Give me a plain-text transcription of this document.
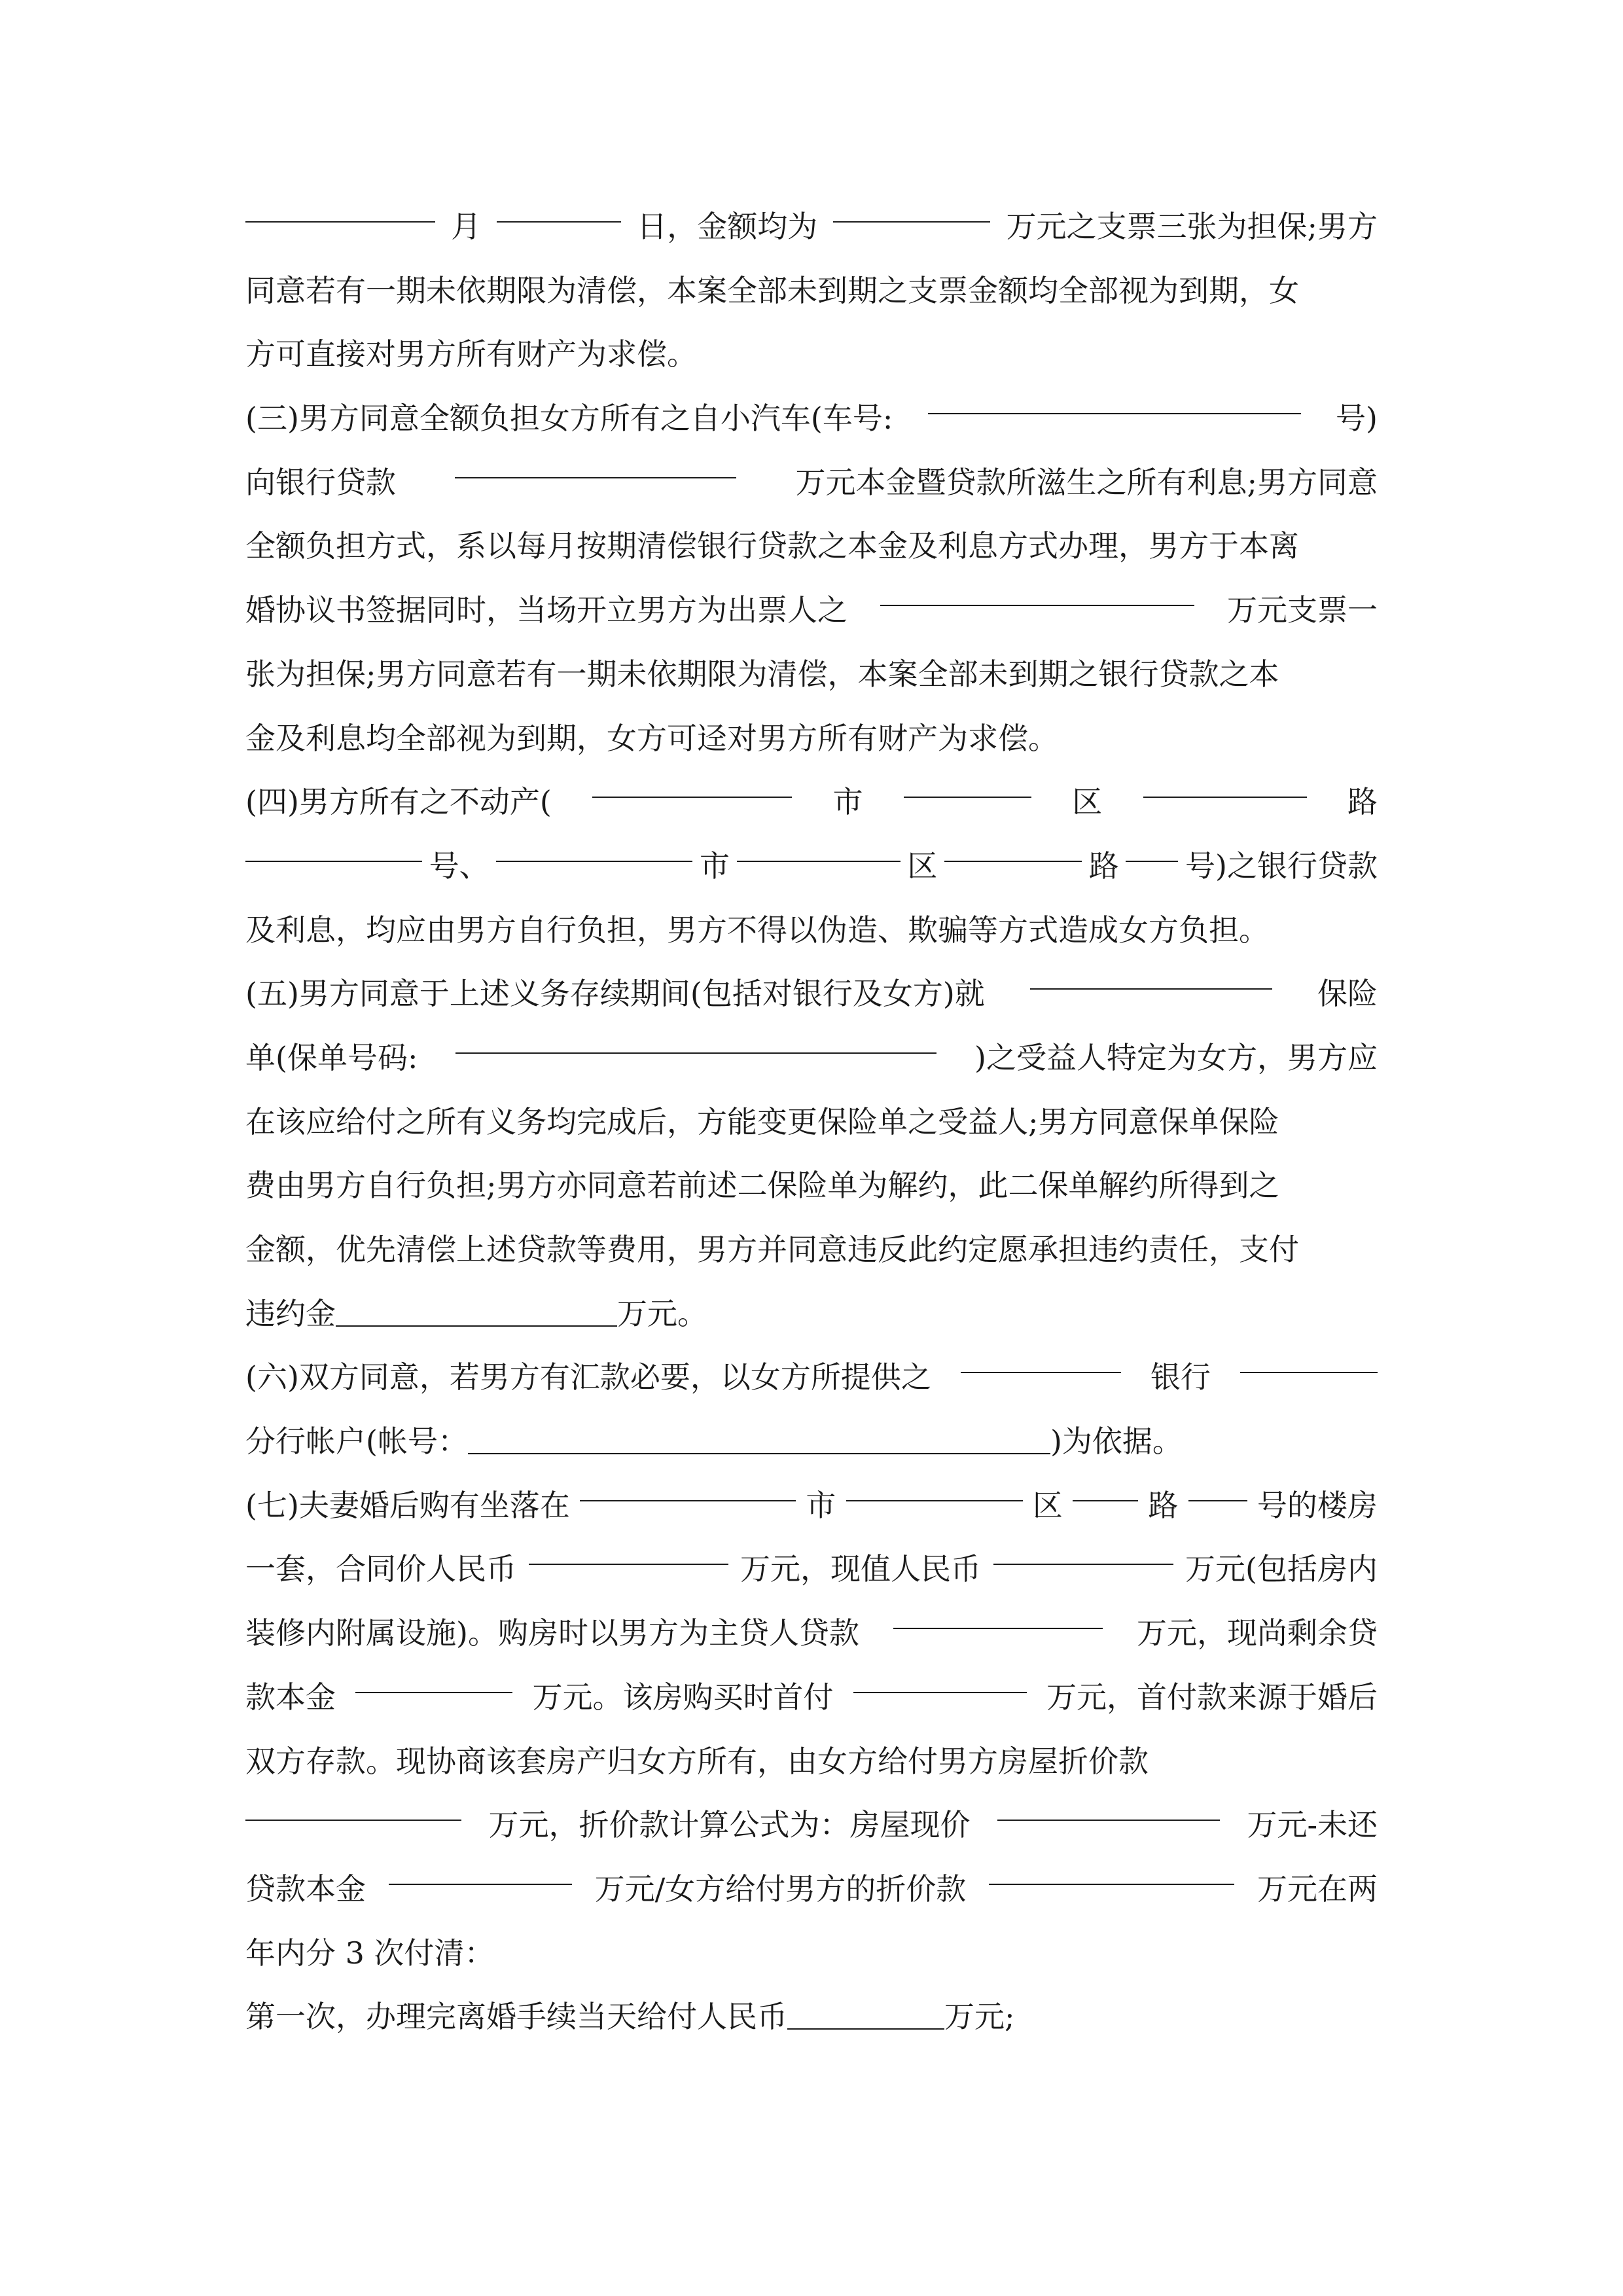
月	日，金额均为	万元之支票三张为担保;男方
同意若有一期未依期限为清偿，本案全部未到期之支票金额均全部视为到期，女
方可直接对男方所有财产为求偿。
(三)男方同意全额负担女方所有之自小汽车(车号:	号)
向银行贷款	万元本金暨贷款所滋生之所有利息;男方同意
全额负担方式，系以每月按期清偿银行贷款之本金及利息方式办理，男方于本离
婚协议书签据同时，当场开立男方为出票人之	万元支票一
张为担保;男方同意若有一期未依期限为清偿，本案全部未到期之银行贷款之本
金及利息均全部视为到期，女方可迳对男方所有财产为求偿。
(四)男方所有之不动产(	市	区	路
号、	市	区	路 号)之银行贷款
及利息，均应由男方自行负担，男方不得以伪造、欺骗等方式造成女方负担。
(五)男方同意于上述义务存续期间(包括对银行及女方)就	保险
单(保单号码:	)之受益人特定为女方，男方应
在该应给付之所有义务均完成后，方能变更保险单之受益人;男方同意保单保险
费由男方自行负担;男方亦同意若前述二保险单为解约，此二保单解约所得到之
金额，优先清偿上述贷款等费用，男方并同意违反此约定愿承担违约责任，支付
违约金	万元。
(六)双方同意，若男方有汇款必要，以女方所提供之	银行
分行帐户(帐号：	)为依据。
(七)夫妻婚后购有坐落在	市	区	路	号的楼房
一套，合同价人民币	万元，现值人民币	万元(包括房内
装修内附属设施)。购房时以男方为主贷人贷款	万元，现尚剩余贷
款本金	万元。该房购买时首付	万元，首付款来源于婚后
双方存款。现协商该套房产归女方所有，由女方给付男方房屋折价款
万元，折价款计算公式为：房屋现价	万元-未还
贷款本金	万元/女方给付男方的折价款	万元在两
年内分 3 次付清：
第一次，办理完离婚手续当天给付人民币	万元;
